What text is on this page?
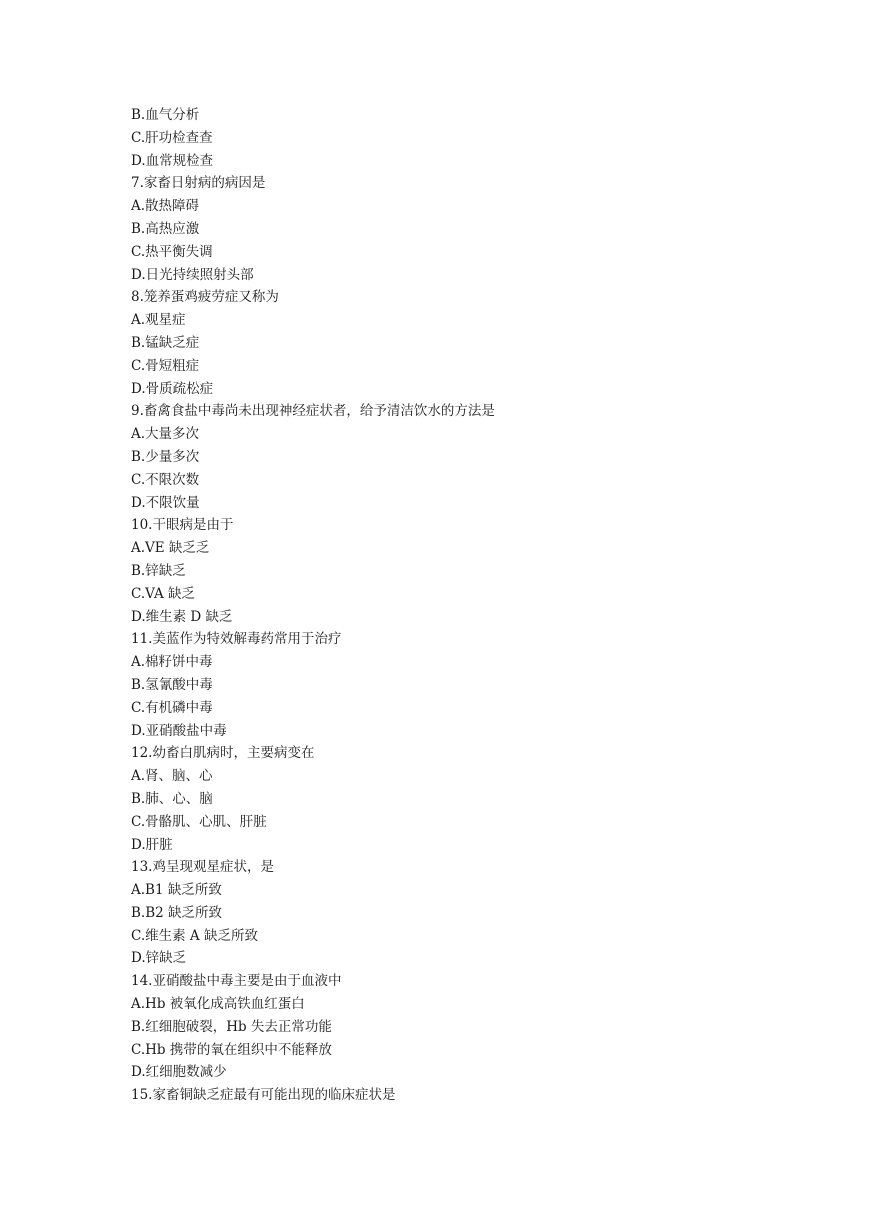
B.血气分析
C.肝功检查查
D.血常规检查
7.家畜日射病的病因是
A.散热障碍
B.高热应激
C.热平衡失调
D.日光持续照射头部
8.笼养蛋鸡疲劳症又称为
A.观星症
B.锰缺乏症
C.骨短粗症
D.骨质疏松症
9.畜禽食盐中毒尚未出现神经症状者，给予清洁饮水的方法是
A.大量多次
B.少量多次
C.不限次数
D.不限饮量
10.干眼病是由于
A.VE 缺乏乏
B.锌缺乏
C.VA 缺乏
D.维生素 D 缺乏
11.美蓝作为特效解毒药常用于治疗
A.棉籽饼中毒
B.氢氰酸中毒
C.有机磷中毒
D.亚硝酸盐中毒
12.幼畜白肌病时，主要病变在
A.肾、脑、心
B.肺、心、脑
C.骨骼肌、心肌、肝脏
D.肝脏
13.鸡呈现观星症状，是
A.B1 缺乏所致
B.B2 缺乏所致
C.维生素 A 缺乏所致
D.锌缺乏
14.亚硝酸盐中毒主要是由于血液中
A.Hb 被氧化成高铁血红蛋白
B.红细胞破裂，Hb 失去正常功能
C.Hb 携带的氧在组织中不能释放
D.红细胞数减少
15.家畜铜缺乏症最有可能出现的临床症状是
